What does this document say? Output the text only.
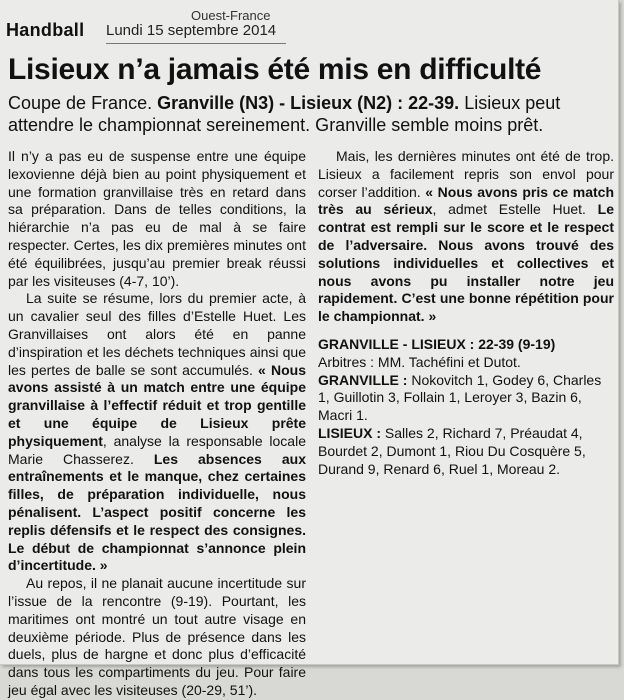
Ouest-France
Handball Lundi 15 septembre 2014
Lisieux n’a jamais été mis en difficulté
Coupe de France. Granville (N3) - Lisieux (N2) : 22-39. Lisieux peut attendre le championnat sereinement. Granville semble moins prêt.

Il n’y a pas eu de suspense entre une équipe lexovienne déjà bien au point physiquement et une formation granvillaise très en retard dans sa préparation. Dans de telles conditions, la hiérarchie n’a pas eu de mal à se faire respecter. Certes, les dix premières minutes ont été équilibrées, jusqu’au premier break réussi par les visiteuses (4-7, 10’).

La suite se résume, lors du premier acte, à un cavalier seul des filles d’Estelle Huet. Les Granvillaises ont alors été en panne d’inspiration et les déchets techniques ainsi que les pertes de balle se sont accumulés. « Nous avons assisté à un match entre une équipe granvillaise à l’effectif réduit et trop gentille et une équipe de Lisieux prête physiquement, analyse la responsable locale Marie Chasserez. Les absences aux entraînements et le manque, chez certaines filles, de préparation individuelle, nous pénalisent. L’aspect positif concerne les replis défensifs et le respect des consignes. Le début de championnat s’annonce plein d’incertitude. »

Au repos, il ne planait aucune incertitude sur l’issue de la rencontre (9-19). Pourtant, les maritimes ont montré un tout autre visage en deuxième période. Plus de présence dans les duels, plus de hargne et donc plus d’efficacité dans tous les compartiments du jeu. Pour faire jeu égal avec les visiteuses (20-29, 51’).

Mais, les dernières minutes ont été de trop. Lisieux a facilement repris son envol pour corser l’addition. « Nous avons pris ce match très au sérieux, admet Estelle Huet. Le contrat est rempli sur le score et le respect de l’adversaire. Nous avons trouvé des solutions individuelles et collectives et nous avons pu installer notre jeu rapidement. C’est une bonne répétition pour le championnat. »

GRANVILLE - LISIEUX : 22-39 (9-19)
Arbitres : MM. Tachéfini et Dutot.
GRANVILLE : Nokovitch 1, Godey 6, Charles 1, Guillotin 3, Follain 1, Leroyer 3, Bazin 6, Macri 1.
LISIEUX : Salles 2, Richard 7, Préaudat 4, Bourdet 2, Dumont 1, Riou Du Cosquère 5, Durand 9, Renard 6, Ruel 1, Moreau 2.
